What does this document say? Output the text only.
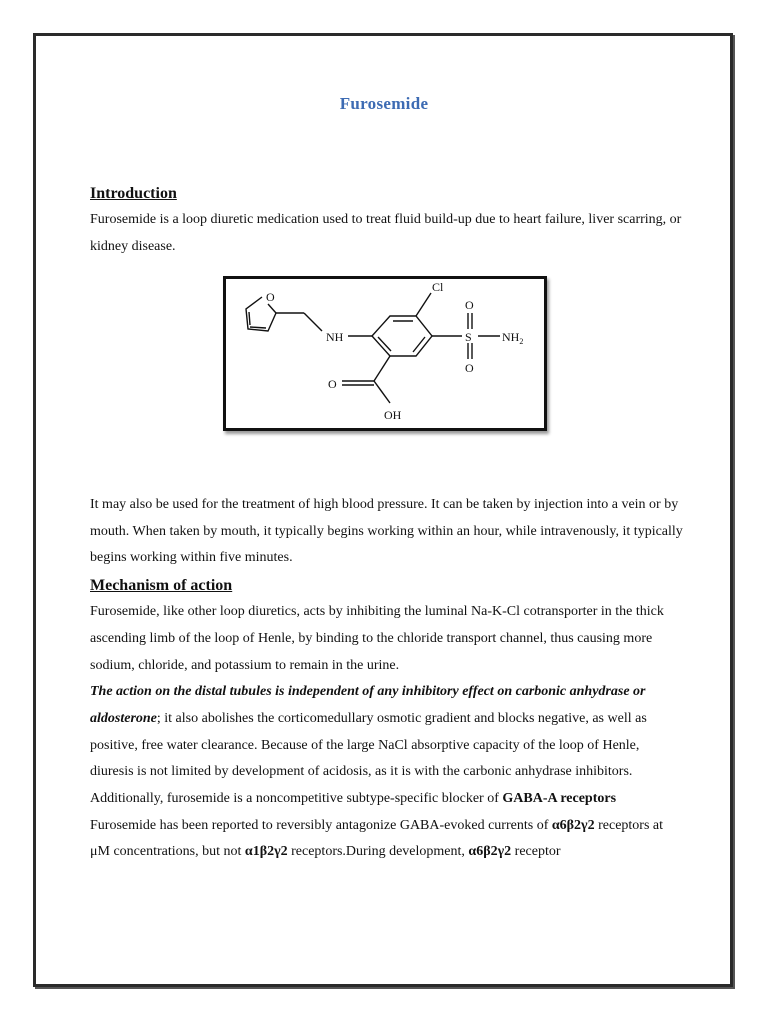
Furosemide
Introduction

Furosemide is a loop diuretic medication used to treat fluid build-up due to heart failure, liver scarring, or kidney disease.

O
NH
Cl
S
O
O
$NH_2$
O
OH

It may also be used for the treatment of high blood pressure. It can be taken by injection into a vein or by mouth. When taken by mouth, it typically begins working within an hour, while intravenously, it typically begins working within five minutes.

Mechanism of action

Furosemide, like other loop diuretics, acts by inhibiting the luminal Na-K-Cl cotransporter in the thick ascending limb of the loop of Henle, by binding to the chloride transport channel, thus causing more sodium, chloride, and potassium to remain in the urine.

The action on the distal tubules is independent of any inhibitory effect on carbonic anhydrase or aldosterone; it also abolishes the corticomedullary osmotic gradient and blocks negative, as well as positive, free water clearance. Because of the large NaCl absorptive capacity of the loop of Henle, diuresis is not limited by development of acidosis, as it is with the carbonic anhydrase inhibitors.

Additionally, furosemide is a noncompetitive subtype-specific blocker of GABA-A receptors Furosemide has been reported to reversibly antagonize GABA-evoked currents of α6β2γ2 receptors at μM concentrations, but not α1β2γ2 receptors.During development, α6β2γ2 receptor
